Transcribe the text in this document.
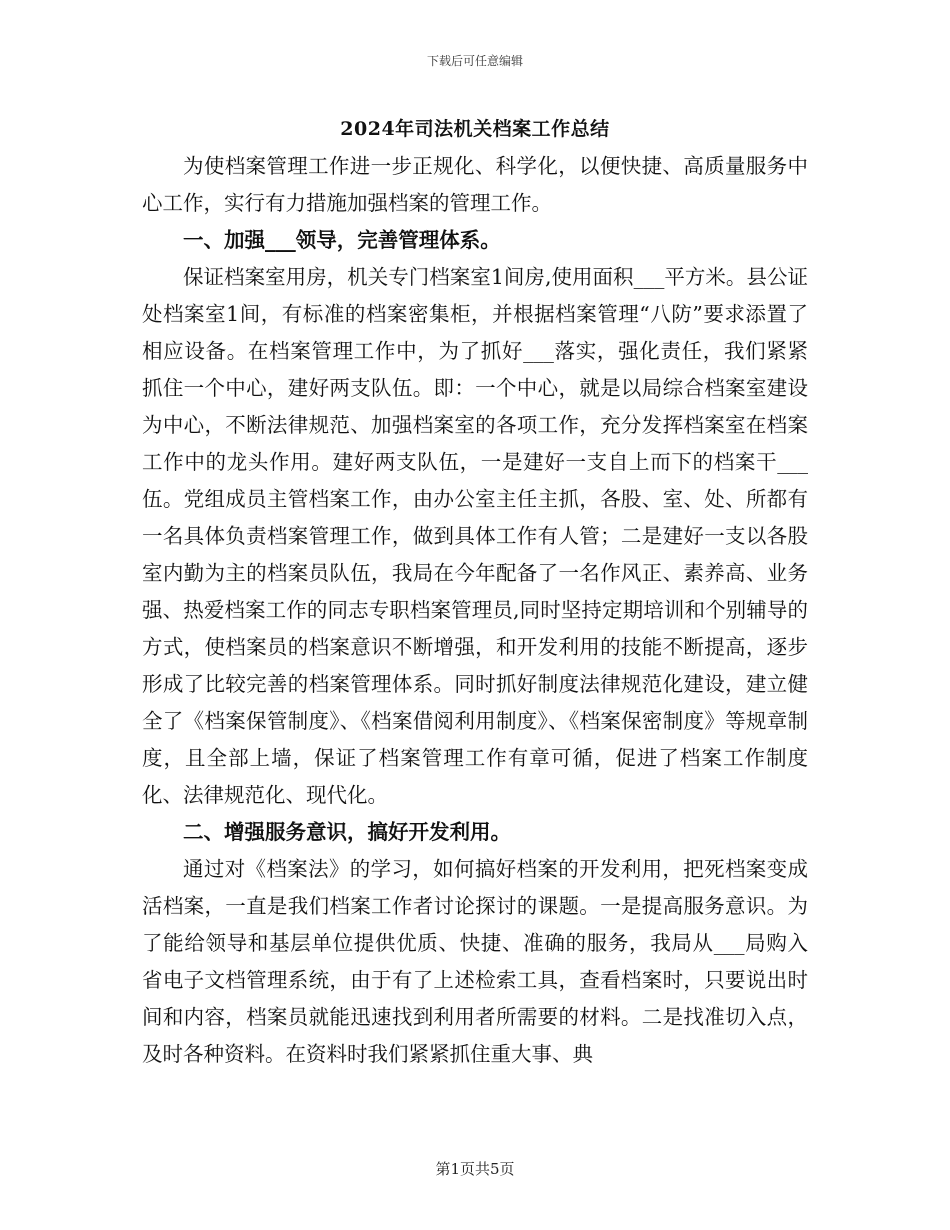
下载后可任意编辑
2024年司法机关档案工作总结

为使档案管理工作进一步正规化、科学化，以便快捷、高质量服务中心工作，实行有力措施加强档案的管理工作。

一、加强___领导，完善管理体系。

保证档案室用房，机关专门档案室1间房,使用面积___平方米。县公证处档案室1间，有标准的档案密集柜，并根据档案管理“八防”要求添置了相应设备。在档案管理工作中，为了抓好___落实，强化责任，我们紧紧抓住一个中心，建好两支队伍。即：一个中心，就是以局综合档案室建设为中心，不断法律规范、加强档案室的各项工作，充分发挥档案室在档案工作中的龙头作用。建好两支队伍，一是建好一支自上而下的档案干___伍。党组成员主管档案工作，由办公室主任主抓，各股、室、处、所都有一名具体负责档案管理工作，做到具体工作有人管；二是建好一支以各股室内勤为主的档案员队伍，我局在今年配备了一名作风正、素养高、业务强、热爱档案工作的同志专职档案管理员,同时坚持定期培训和个别辅导的方式，使档案员的档案意识不断增强，和开发利用的技能不断提高，逐步形成了比较完善的档案管理体系。同时抓好制度法律规范化建设，建立健全了《档案保管制度》、《档案借阅利用制度》、《档案保密制度》等规章制度，且全部上墙，保证了档案管理工作有章可循，促进了档案工作制度化、法律规范化、现代化。

二、增强服务意识，搞好开发利用。

通过对《档案法》的学习，如何搞好档案的开发利用，把死档案变成活档案，一直是我们档案工作者讨论探讨的课题。一是提高服务意识。为了能给领导和基层单位提供优质、快捷、准确的服务，我局从___局购入省电子文档管理系统，由于有了上述检索工具，查看档案时，只要说出时间和内容，档案员就能迅速找到利用者所需要的材料。二是找准切入点，及时各种资料。在资料时我们紧紧抓住重大事、典

第1页共5页
